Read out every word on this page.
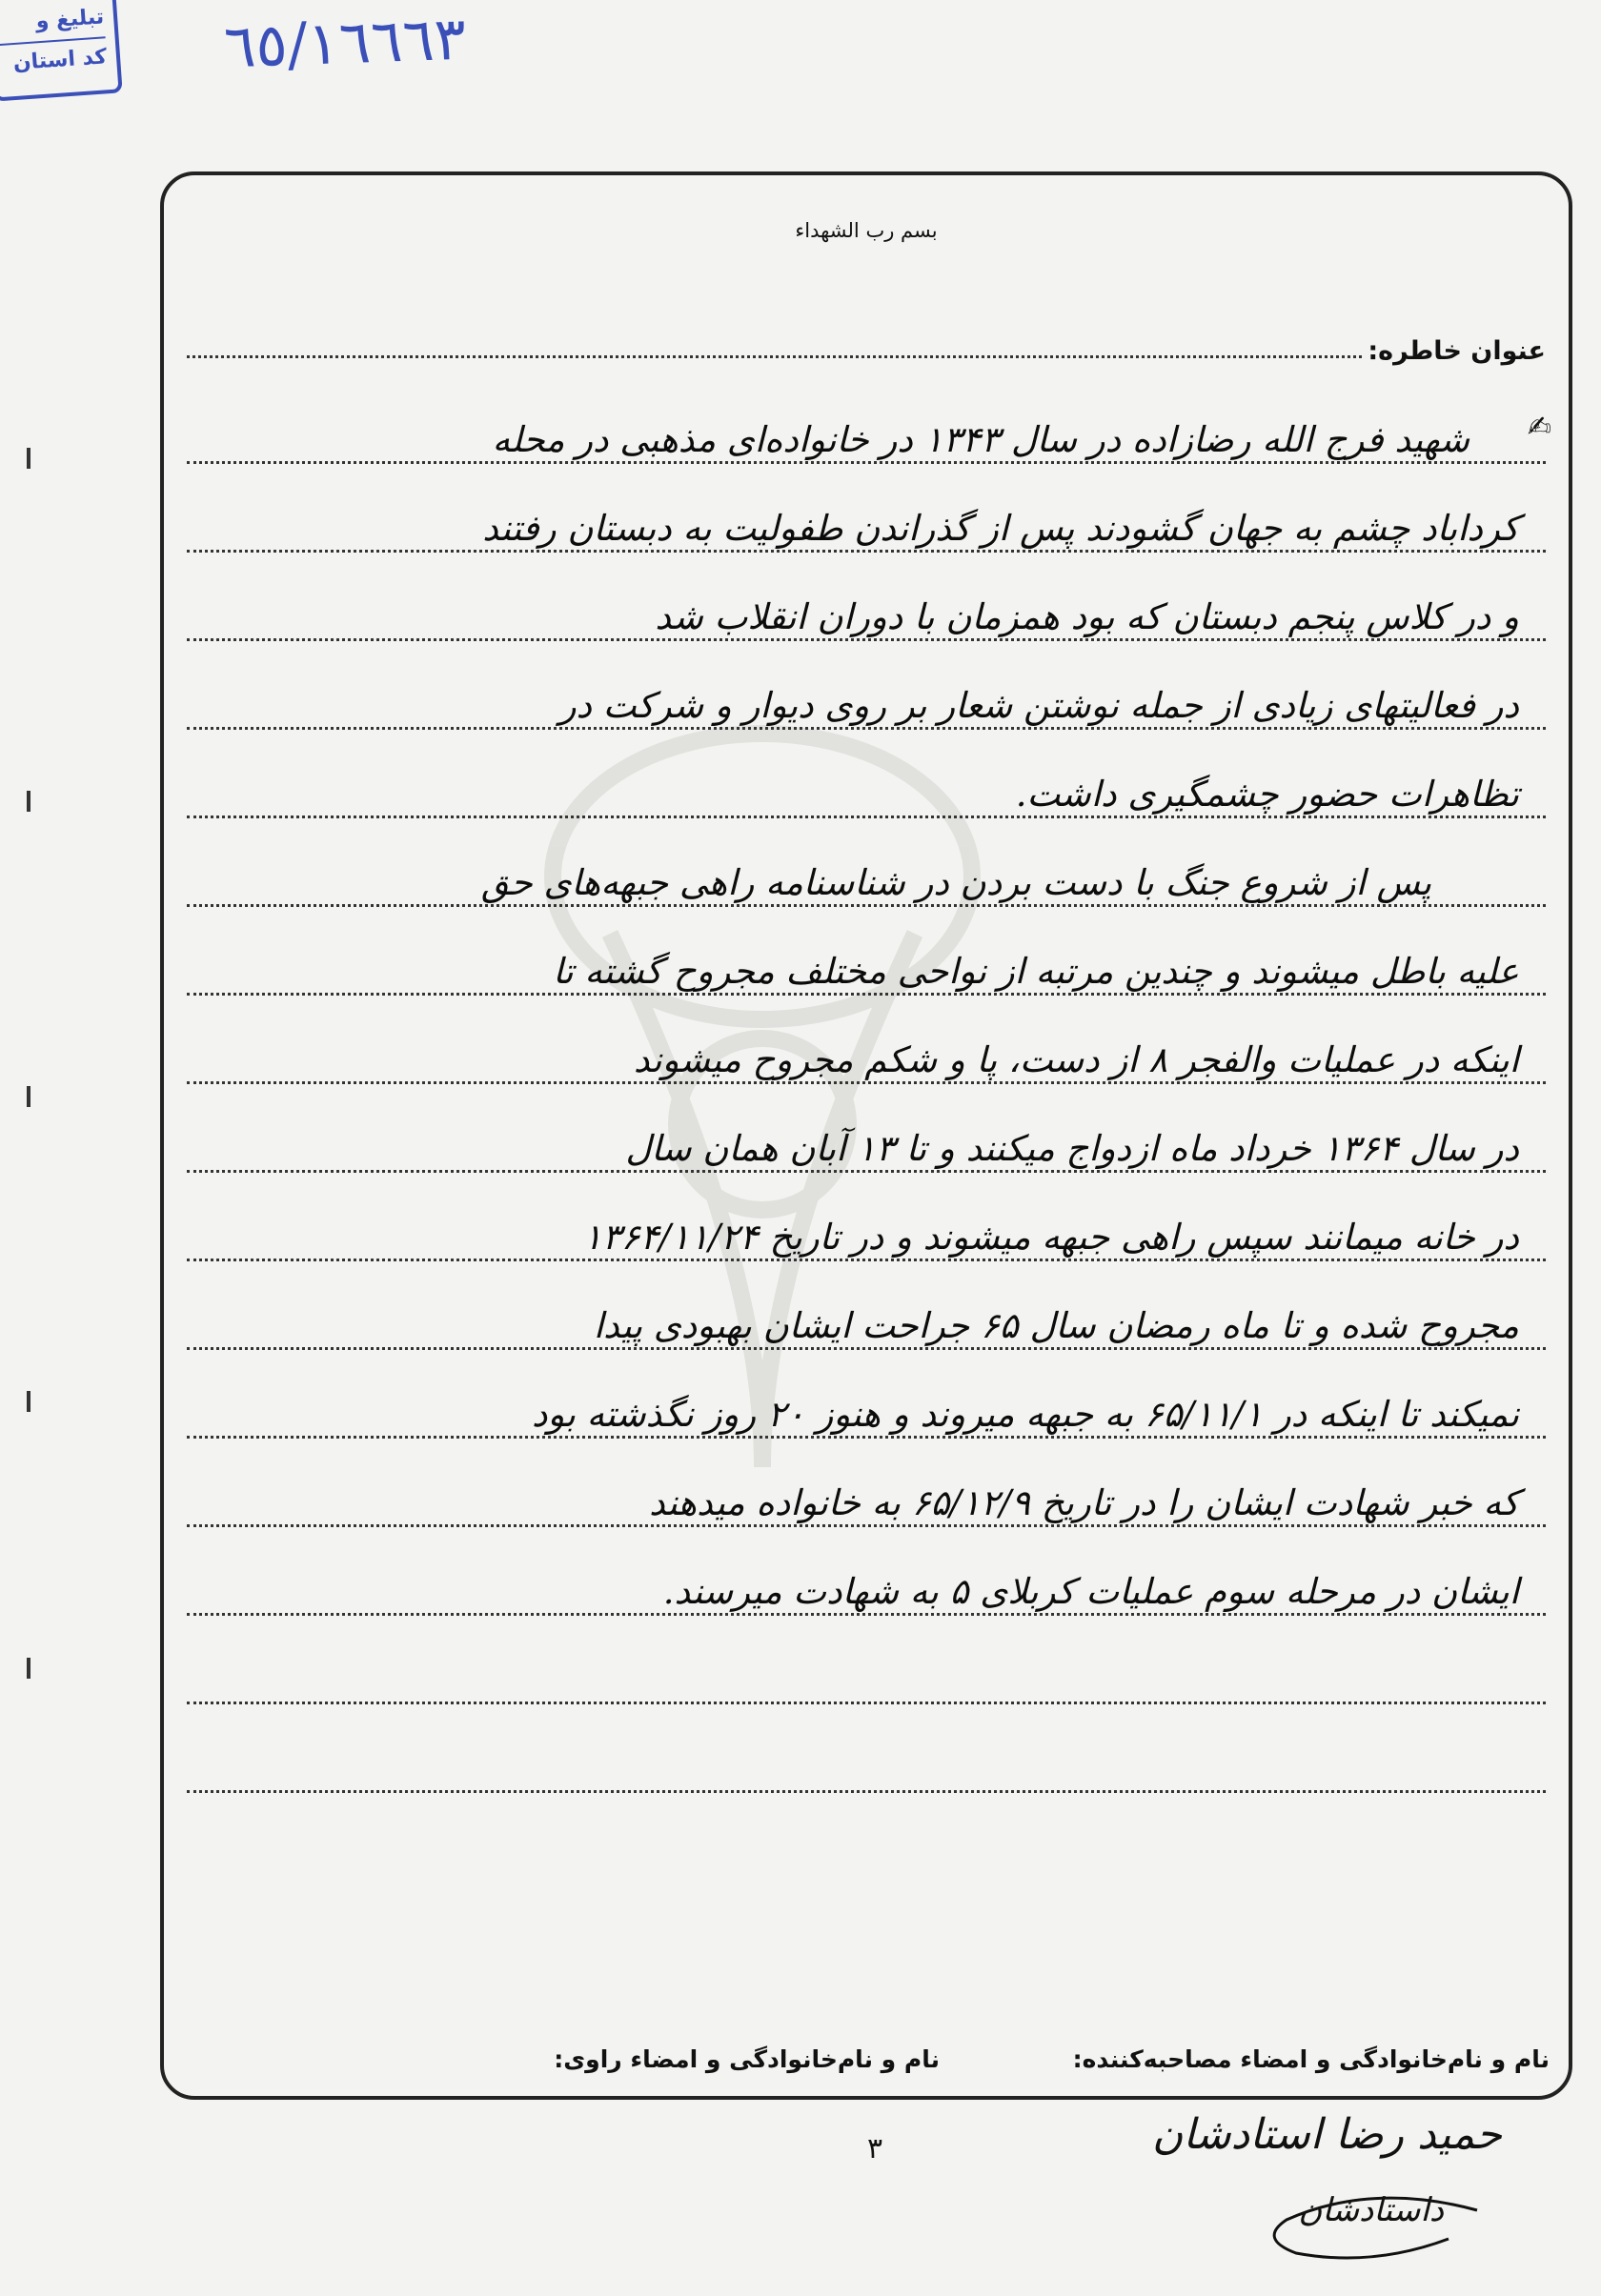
تبلیغ و
کد استان ٦٥/١٦٦٦٣
بسم رب الشهداء
عنوان خاطره:
✍
شهید فرج الله رضازاده در سال ۱۳۴۳ در خانواده‌ای مذهبی در محله
کرداباد چشم به جهان گشودند پس از گذراندن طفولیت به دبستان رفتند
و در کلاس پنجم دبستان که بود همزمان با دوران انقلاب شد
در فعالیتهای زیادی از جمله نوشتن شعار بر روی دیوار و شرکت در
تظاهرات حضور چشمگیری داشت.
پس از شروع جنگ با دست بردن در شناسنامه راهی جبهه‌های حق
علیه باطل میشوند و چندین مرتبه از نواحی مختلف مجروح گشته تا
اینکه در عملیات والفجر ۸ از دست، پا و شکم مجروح میشوند
در سال ۱۳۶۴ خرداد ماه ازدواج میکنند و تا ۱۳ آبان همان سال
در خانه میمانند سپس راهی جبهه میشوند و در تاریخ ۱۳۶۴/۱۱/۲۴
مجروح شده و تا ماه رمضان سال ۶۵ جراحت ایشان بهبودی پیدا
نمیکند تا اینکه در ۶۵/۱۱/۱ به جبهه میروند و هنوز ۲۰ روز نگذشته بود
که خبر شهادت ایشان را در تاریخ ۶۵/۱۲/۹ به خانواده میدهند
ایشان در مرحله سوم عملیات کربلای ۵ به شهادت میرسند.
نام و نام‌خانوادگی و امضاء مصاحبه‌کننده:
نام و نام‌خانوادگی و امضاء راوی:
۳	حمید رضا استادشان
داستادشان
